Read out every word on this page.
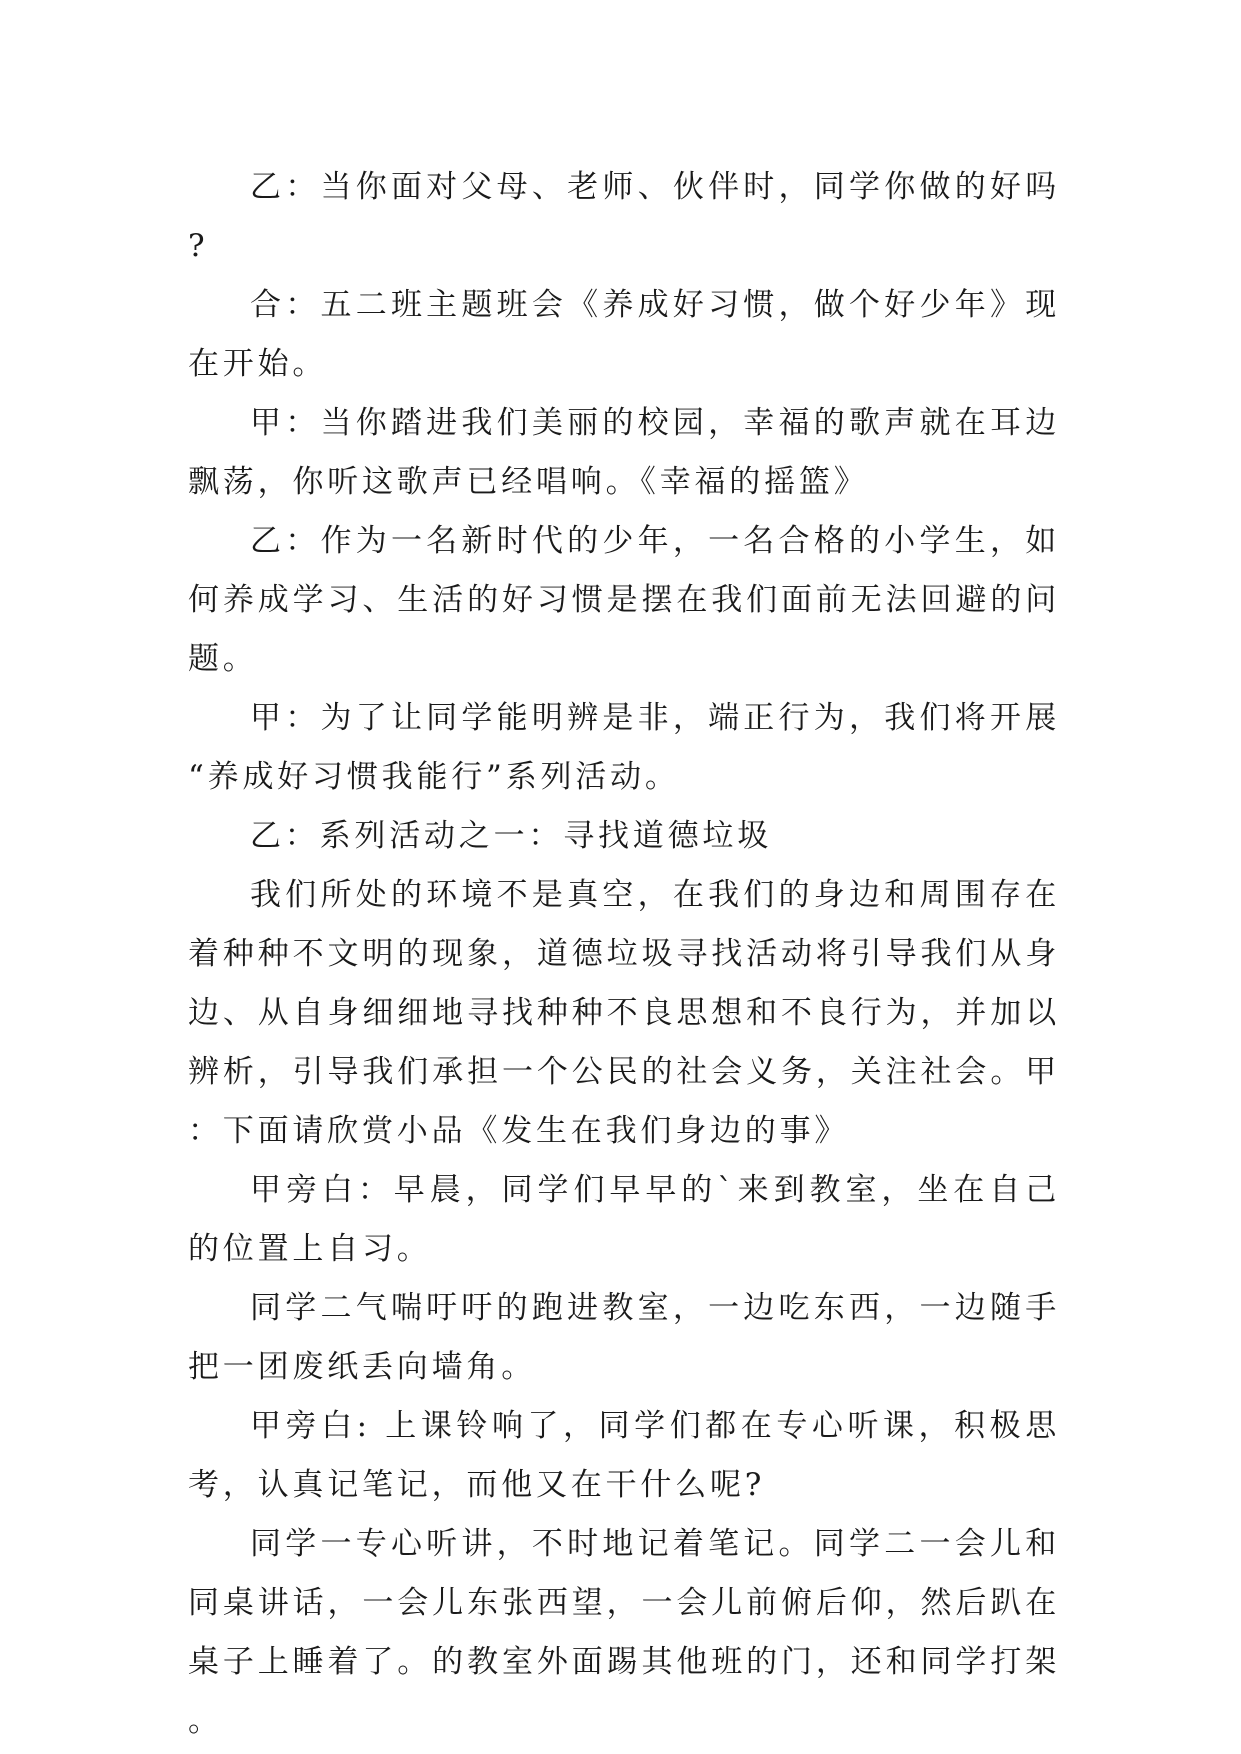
乙：当你面对父母、老师、伙伴时，同学你做的好吗?

合：五二班主题班会《养成好习惯，做个好少年》现在开始。

甲：当你踏进我们美丽的校园，幸福的歌声就在耳边飘荡，你听这歌声已经唱响。《幸福的摇篮》

乙：作为一名新时代的少年，一名合格的小学生，如何养成学习、生活的好习惯是摆在我们面前无法回避的问题。

甲：为了让同学能明辨是非，端正行为，我们将开展“养成好习惯我能行”系列活动。

乙：系列活动之一：寻找道德垃圾

我们所处的环境不是真空，在我们的身边和周围存在着种种不文明的现象，道德垃圾寻找活动将引导我们从身边、从自身细细地寻找种种不良思想和不良行为，并加以辨析，引导我们承担一个公民的社会义务，关注社会。甲：下面请欣赏小品《发生在我们身边的事》

甲旁白：早晨，同学们早早的`来到教室，坐在自己的位置上自习。

同学二气喘吁吁的跑进教室，一边吃东西，一边随手把一团废纸丢向墙角。

甲旁白: 上课铃响了，同学们都在专心听课，积极思考，认真记笔记，而他又在干什么呢?

同学一专心听讲，不时地记着笔记。同学二一会儿和同桌讲话，一会儿东张西望，一会儿前俯后仰，然后趴在桌子上睡着了。的教室外面踢其他班的门，还和同学打架。
